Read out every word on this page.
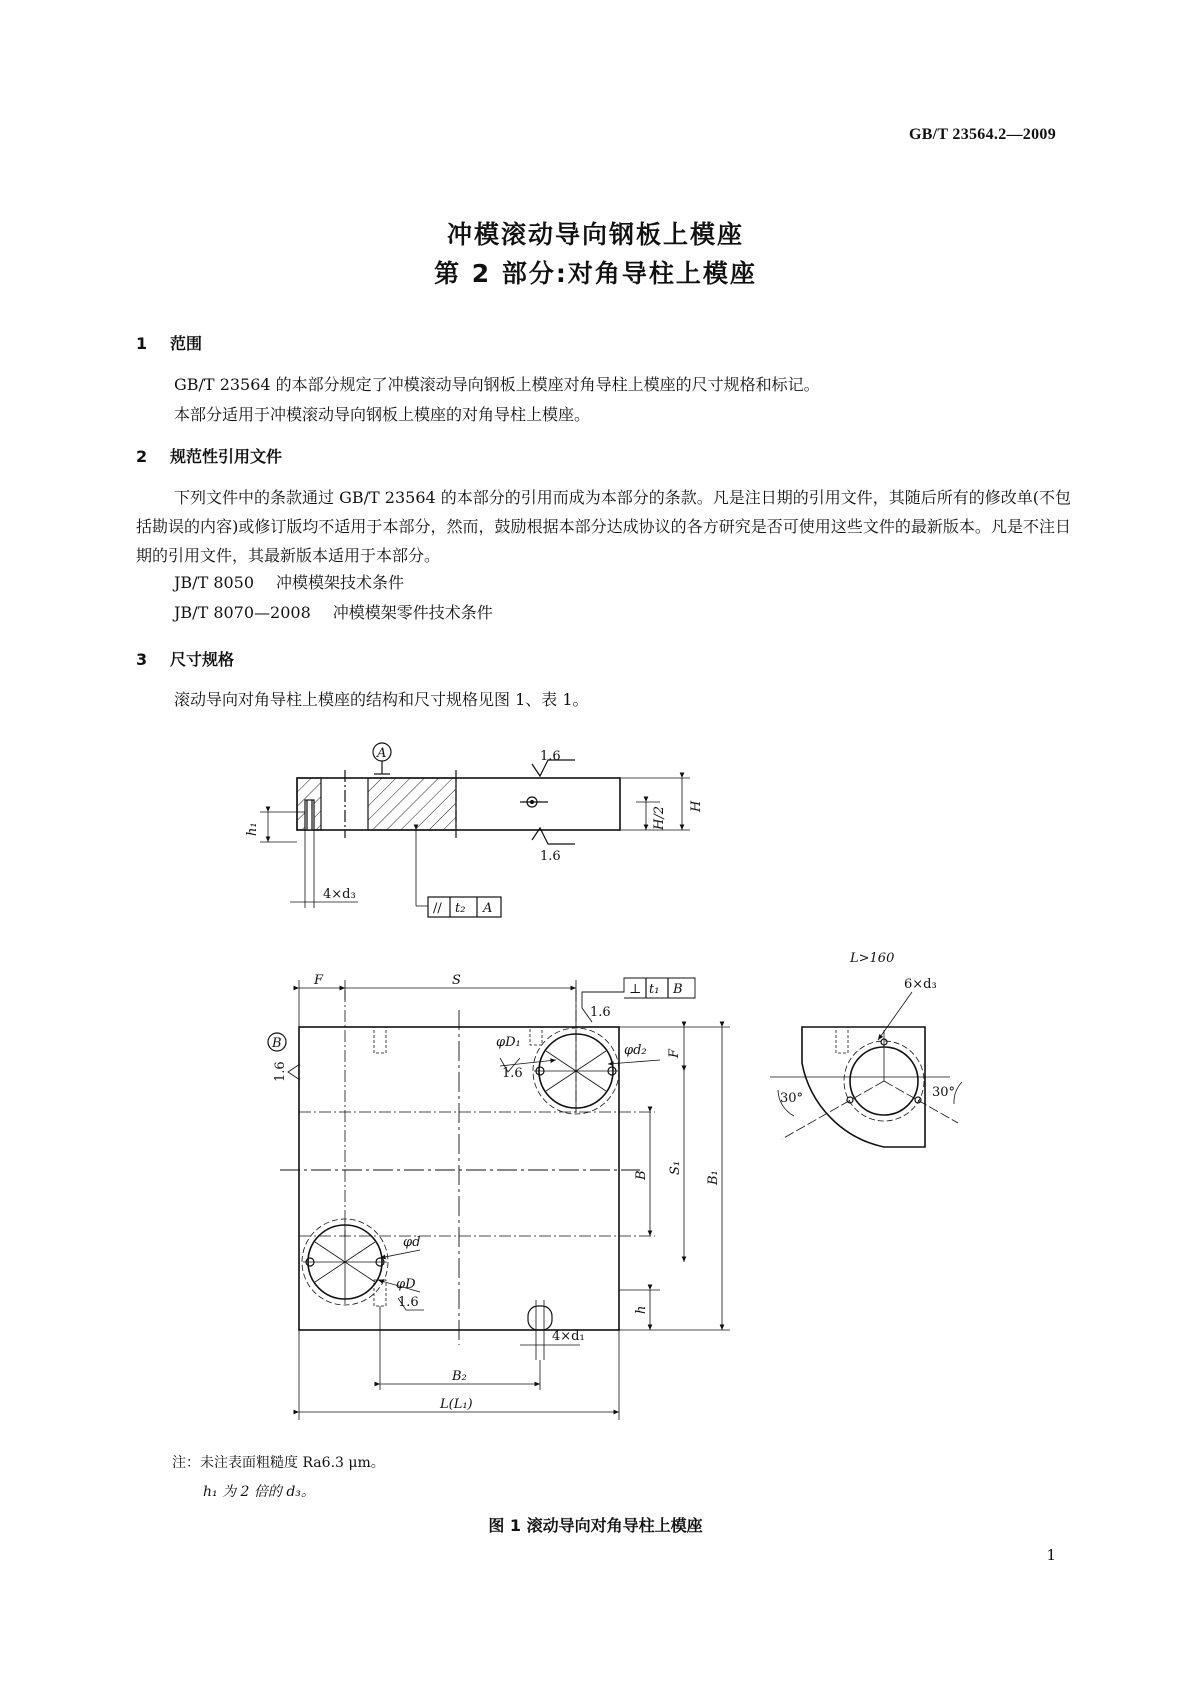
GB/T 23564.2—2009
冲模滚动导向钢板上模座
第 2 部分:对角导柱上模座
1 范围
GB/T 23564 的本部分规定了冲模滚动导向钢板上模座对角导柱上模座的尺寸规格和标记。
本部分适用于冲模滚动导向钢板上模座的对角导柱上模座。
2 规范性引用文件
下列文件中的条款通过 GB/T 23564 的本部分的引用而成为本部分的条款。凡是注日期的引用文件，其随后所有的修改单(不包括勘误的内容)或修订版均不适用于本部分，然而，鼓励根据本部分达成协议的各方研究是否可使用这些文件的最新版本。凡是不注日期的引用文件，其最新版本适用于本部分。
JB/T 8050 冲模模架技术条件
JB/T 8070—2008 冲模模架零件技术条件
3 尺寸规格
滚动导向对角导柱上模座的结构和尺寸规格见图 1、表 1。
A	1.6
1.6
h₁
4×d₃
// t₂ A
H/2 H
F	S
⊥ t₁ B
1.6
B
1.6
φD₁
1.6
φd₂ F
B
S₁
B₁
φd
φD
1.6	h
4×d₁
B₂
L(L₁)
L>160
6×d₃
30°	30°
注：未注表面粗糙度 Ra6.3 μm。
h₁ 为 2 倍的 d₃。
图 1 滚动导向对角导柱上模座
1
